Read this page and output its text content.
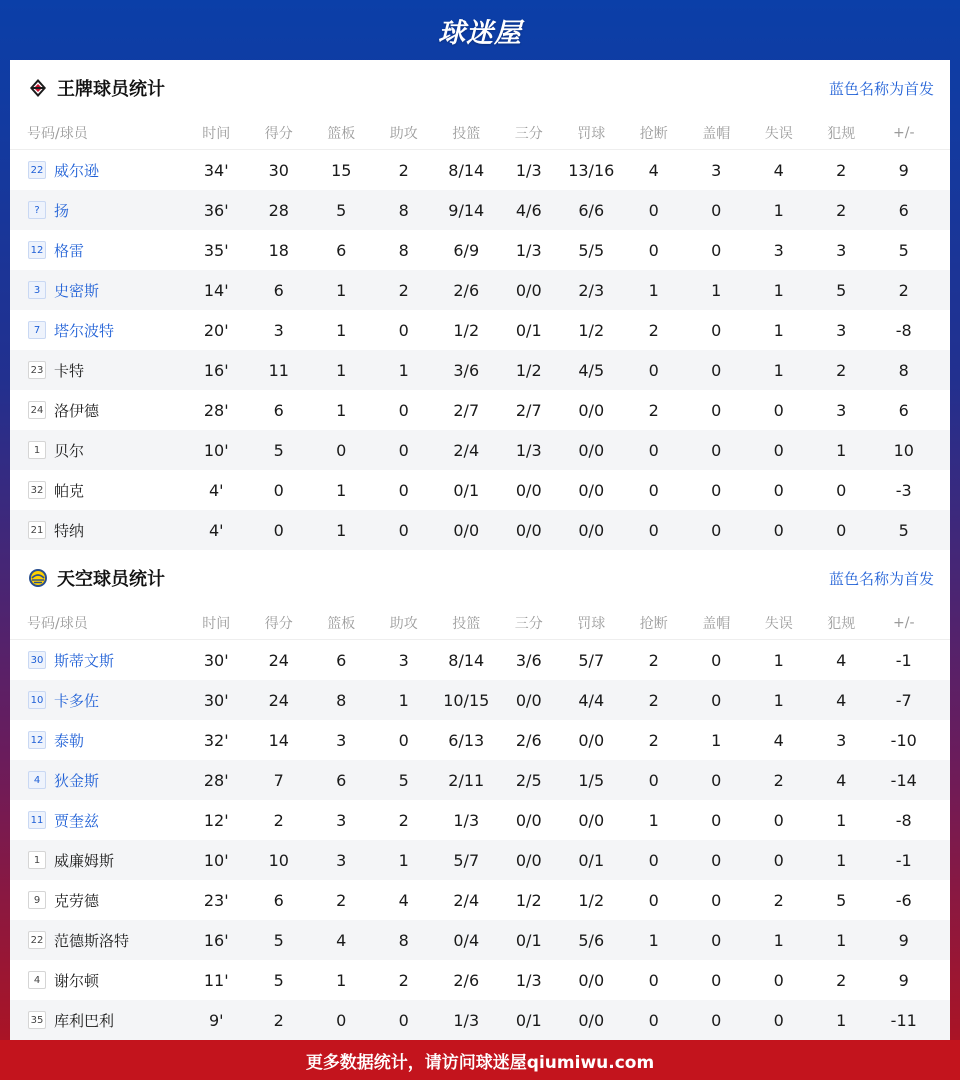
球迷屋
王牌球员统计	蓝色名称为首发
号码/球员	时间	得分	篮板	助攻	投篮	三分	罚球	抢断	盖帽	失误	犯规	+/-
22 威尔逊	34'	30	15	2	8/14	1/3	13/16	4	3	4	2	9
? 扬	36'	28	5	8	9/14	4/6	6/6	0	0	1	2	6
12 格雷	35'	18	6	8	6/9	1/3	5/5	0	0	3	3	5
3 史密斯	14'	6	1	2	2/6	0/0	2/3	1	1	1	5	2
7 塔尔波特	20'	3	1	0	1/2	0/1	1/2	2	0	1	3	-8
23 卡特	16'	11	1	1	3/6	1/2	4/5	0	0	1	2	8
24 洛伊德	28'	6	1	0	2/7	2/7	0/0	2	0	0	3	6
1 贝尔	10'	5	0	0	2/4	1/3	0/0	0	0	0	1	10
32 帕克	4'	0	1	0	0/1	0/0	0/0	0	0	0	0	-3
21 特纳	4'	0	1	0	0/0	0/0	0/0	0	0	0	0	5
天空球员统计	蓝色名称为首发
号码/球员	时间	得分	篮板	助攻	投篮	三分	罚球	抢断	盖帽	失误	犯规	+/-
30 斯蒂文斯	30'	24	6	3	8/14	3/6	5/7	2	0	1	4	-1
10 卡多佐	30'	24	8	1	10/15	0/0	4/4	2	0	1	4	-7
12 泰勒	32'	14	3	0	6/13	2/6	0/0	2	1	4	3	-10
4 狄金斯	28'	7	6	5	2/11	2/5	1/5	0	0	2	4	-14
11 贾奎兹	12'	2	3	2	1/3	0/0	0/0	1	0	0	1	-8
1 威廉姆斯	10'	10	3	1	5/7	0/0	0/1	0	0	0	1	-1
9 克劳德	23'	6	2	4	2/4	1/2	1/2	0	0	2	5	-6
22 范德斯洛特	16'	5	4	8	0/4	0/1	5/6	1	0	1	1	9
4 谢尔顿	11'	5	1	2	2/6	1/3	0/0	0	0	0	2	9
35 库利巴利	9'	2	0	0	1/3	0/1	0/0	0	0	0	1	-11
更多数据统计，请访问球迷屋qiumiwu.com
